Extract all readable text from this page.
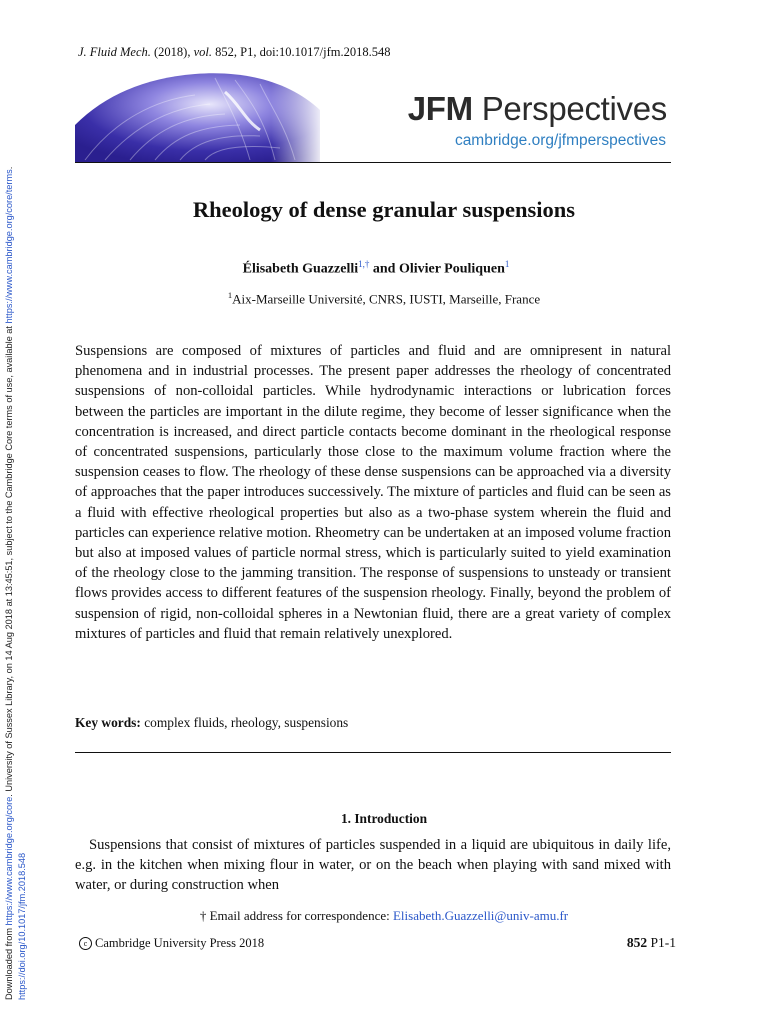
Downloaded from https://www.cambridge.org/core. University of Sussex Library, on 14 Aug 2018 at 13:45:51, subject to the Cambridge Core terms of use, available at https://www.cambridge.org/core/terms.
https://doi.org/10.1017/jfm.2018.548
J. Fluid Mech. (2018), vol. 852, P1, doi:10.1017/jfm.2018.548
JFM Perspectives
cambridge.org/jfmperspectives
Rheology of dense granular suspensions
Élisabeth Guazzelli$^{1,\dagger}$ and Olivier Pouliquen$^1$
$^1$Aix-Marseille Université, CNRS, IUSTI, Marseille, France

Suspensions are composed of mixtures of particles and fluid and are omnipresent in natural phenomena and in industrial processes. The present paper addresses the rheology of concentrated suspensions of non-colloidal particles. While hydrodynamic interactions or lubrication forces between the particles are important in the dilute regime, they become of lesser significance when the concentration is increased, and direct particle contacts become dominant in the rheological response of concentrated suspensions, particularly those close to the maximum volume fraction where the suspension ceases to flow. The rheology of these dense suspensions can be approached via a diversity of approaches that the paper introduces successively. The mixture of particles and fluid can be seen as a fluid with effective rheological properties but also as a two-phase system wherein the fluid and particles can experience relative motion. Rheometry can be undertaken at an imposed volume fraction but also at imposed values of particle normal stress, which is particularly suited to yield examination of the rheology close to the jamming transition. The response of suspensions to unsteady or transient flows provides access to different features of the suspension rheology. Finally, beyond the problem of suspension of rigid, non-colloidal spheres in a Newtonian fluid, there are a great variety of complex mixtures of particles and fluid that remain relatively unexplored.

Key words: complex fluids, rheology, suspensions
1. Introduction

Suspensions that consist of mixtures of particles suspended in a liquid are ubiquitous in daily life, e.g. in the kitchen when mixing flour in water, or on the beach when playing with sand mixed with water, or during construction when

† Email address for correspondence: Elisabeth.Guazzelli@univ-amu.fr
c Cambridge University Press 2018	852 P1-1
